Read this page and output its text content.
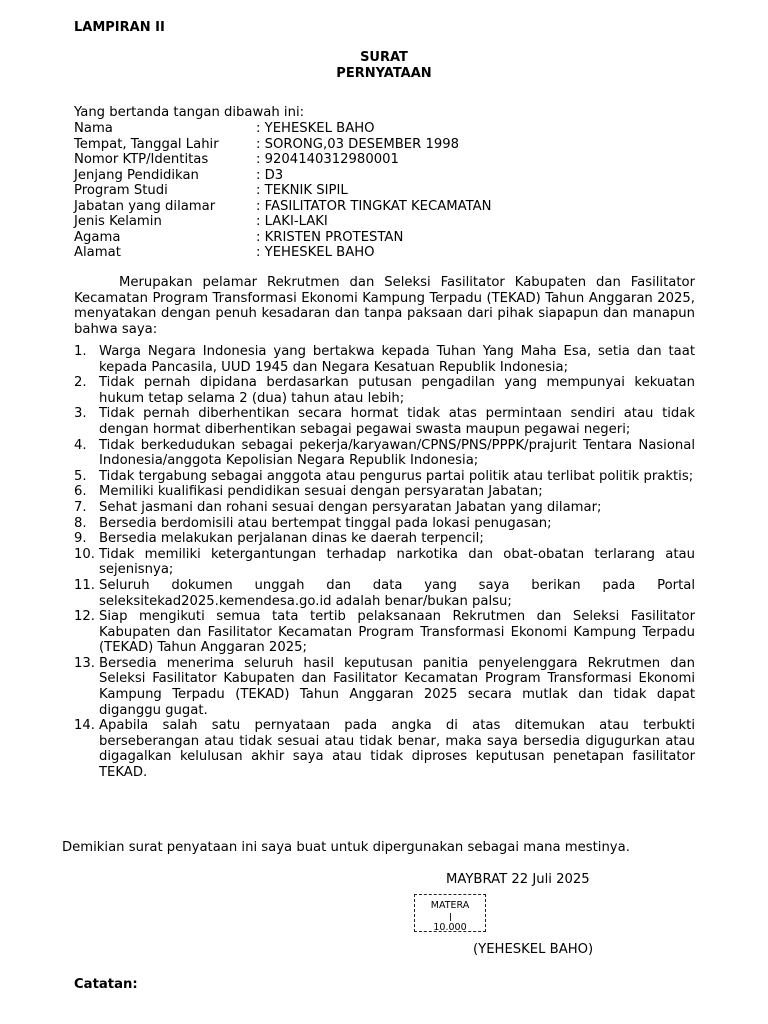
LAMPIRAN II
SURAT
PERNYATAAN
Yang bertanda tangan dibawah ini:
Nama	: YEHESKEL BAHO
Tempat, Tanggal Lahir	: SORONG,03 DESEMBER 1998
Nomor KTP/Identitas	: 9204140312980001
Jenjang Pendidikan	: D3
Program Studi	: TEKNIK SIPIL
Jabatan yang dilamar	: FASILITATOR TINGKAT KECAMATAN
Jenis Kelamin	: LAKI-LAKI
Agama	: KRISTEN PROTESTAN
Alamat	: YEHESKEL BAHO
Merupakan pelamar Rekrutmen dan Seleksi Fasilitator Kabupaten dan Fasilitator Kecamatan Program Transformasi Ekonomi Kampung Terpadu (TEKAD) Tahun Anggaran 2025, menyatakan dengan penuh kesadaran dan tanpa paksaan dari pihak siapapun dan manapun bahwa saya:
1. Warga Negara Indonesia yang bertakwa kepada Tuhan Yang Maha Esa, setia dan taat kepada Pancasila, UUD 1945 dan Negara Kesatuan Republik Indonesia;
2. Tidak pernah dipidana berdasarkan putusan pengadilan yang mempunyai kekuatan hukum tetap selama 2 (dua) tahun atau lebih;
3. Tidak pernah diberhentikan secara hormat tidak atas permintaan sendiri atau tidak dengan hormat diberhentikan sebagai pegawai swasta maupun pegawai negeri;
4. Tidak berkedudukan sebagai pekerja/karyawan/CPNS/PNS/PPPK/prajurit Tentara Nasional Indonesia/anggota Kepolisian Negara Republik Indonesia;
5. Tidak tergabung sebagai anggota atau pengurus partai politik atau terlibat politik praktis;
6. Memiliki kualifikasi pendidikan sesuai dengan persyaratan Jabatan;
7. Sehat jasmani dan rohani sesuai dengan persyaratan Jabatan yang dilamar;
8. Bersedia berdomisili atau bertempat tinggal pada lokasi penugasan;
9. Bersedia melakukan perjalanan dinas ke daerah terpencil;
10. Tidak memiliki ketergantungan terhadap narkotika dan obat-obatan terlarang atau sejenisnya;
11. Seluruh dokumen unggah dan data yang saya berikan pada Portal seleksitekad2025.kemendesa.go.id adalah benar/bukan palsu;
12. Siap mengikuti semua tata tertib pelaksanaan Rekrutmen dan Seleksi Fasilitator Kabupaten dan Fasilitator Kecamatan Program Transformasi Ekonomi Kampung Terpadu (TEKAD) Tahun Anggaran 2025;
13. Bersedia menerima seluruh hasil keputusan panitia penyelenggara Rekrutmen dan Seleksi Fasilitator Kabupaten dan Fasilitator Kecamatan Program Transformasi Ekonomi Kampung Terpadu (TEKAD) Tahun Anggaran 2025 secara mutlak dan tidak dapat diganggu gugat.
14. Apabila salah satu pernyataan pada angka di atas ditemukan atau terbukti berseberangan atau tidak sesuai atau tidak benar, maka saya bersedia digugurkan atau digagalkan kelulusan akhir saya atau tidak diproses keputusan penetapan fasilitator TEKAD.
Demikian surat penyataan ini saya buat untuk dipergunakan sebagai mana mestinya.
MAYBRAT 22 Juli 2025
MATERA
10.000
(YEHESKEL BAHO)
Catatan:
